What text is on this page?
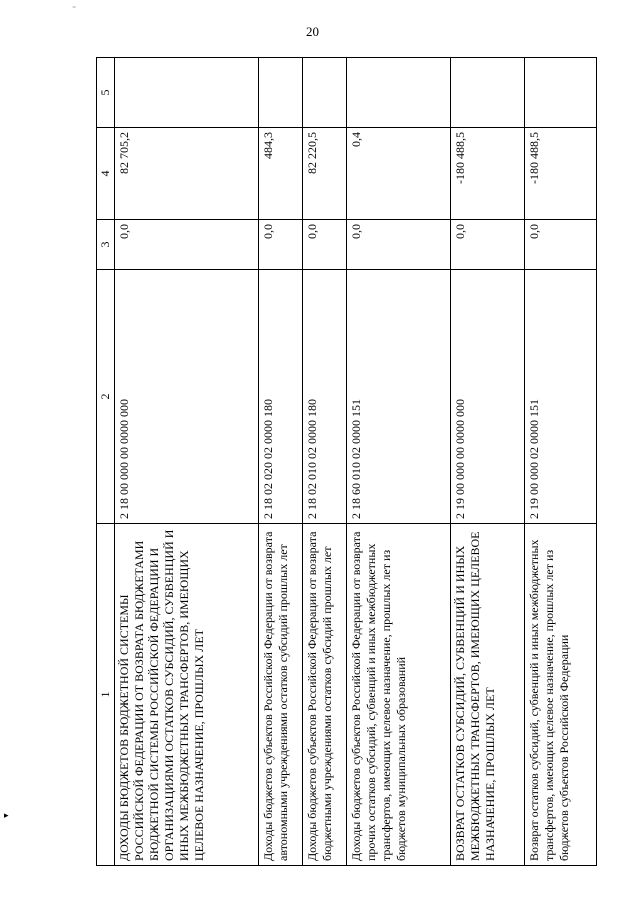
⁼
20
▸
1	2	3	4	5
ДОХОДЫ БЮДЖЕТОВ БЮДЖЕТНОЙ СИСТЕМЫ РОССИЙСКОЙ ФЕДЕРАЦИИ ОТ ВОЗВРАТА БЮДЖЕТАМИ БЮДЖЕТНОЙ СИСТЕМЫ РОССИЙСКОЙ ФЕДЕРАЦИИ И ОРГАНИЗАЦИЯМИ ОСТАТКОВ СУБСИДИЙ, СУБВЕНЦИЙ И ИНЫХ МЕЖБЮДЖЕТНЫХ ТРАНСФЕРТОВ, ИМЕЮЩИХ ЦЕЛЕВОЕ НАЗНАЧЕНИЕ, ПРОШЛЫХ ЛЕТ	2 18 00 000 00 0000 000	0,0	82 705,2	
Доходы бюджетов субъектов Российской Федерации от возврата автономными учреждениями остатков субсидий прошлых лет	2 18 02 020 02 0000 180	0,0	484,3	
Доходы бюджетов субъектов Российской Федерации от возврата бюджетными учреждениями остатков субсидий прошлых лет	2 18 02 010 02 0000 180	0,0	82 220,5	
Доходы бюджетов субъектов Российской Федерации от возврата прочих остатков субсидий, субвенций и иных межбюджетных трансфертов, имеющих целевое назначение, прошлых лет из бюджетов муниципальных образований	2 18 60 010 02 0000 151	0,0	0,4	
ВОЗВРАТ ОСТАТКОВ СУБСИДИЙ, СУБВЕНЦИЙ И ИНЫХ МЕЖБЮДЖЕТНЫХ ТРАНСФЕРТОВ, ИМЕЮЩИХ ЦЕЛЕВОЕ НАЗНАЧЕНИЕ, ПРОШЛЫХ ЛЕТ	2 19 00 000 00 0000 000	0,0	-180 488,5	
Возврат остатков субсидий, субвенций и иных межбюджетных трансфертов, имеющих целевое назначение, прошлых лет из бюджетов субъектов Российской Федерации	2 19 00 000 02 0000 151	0,0	-180 488,5	
